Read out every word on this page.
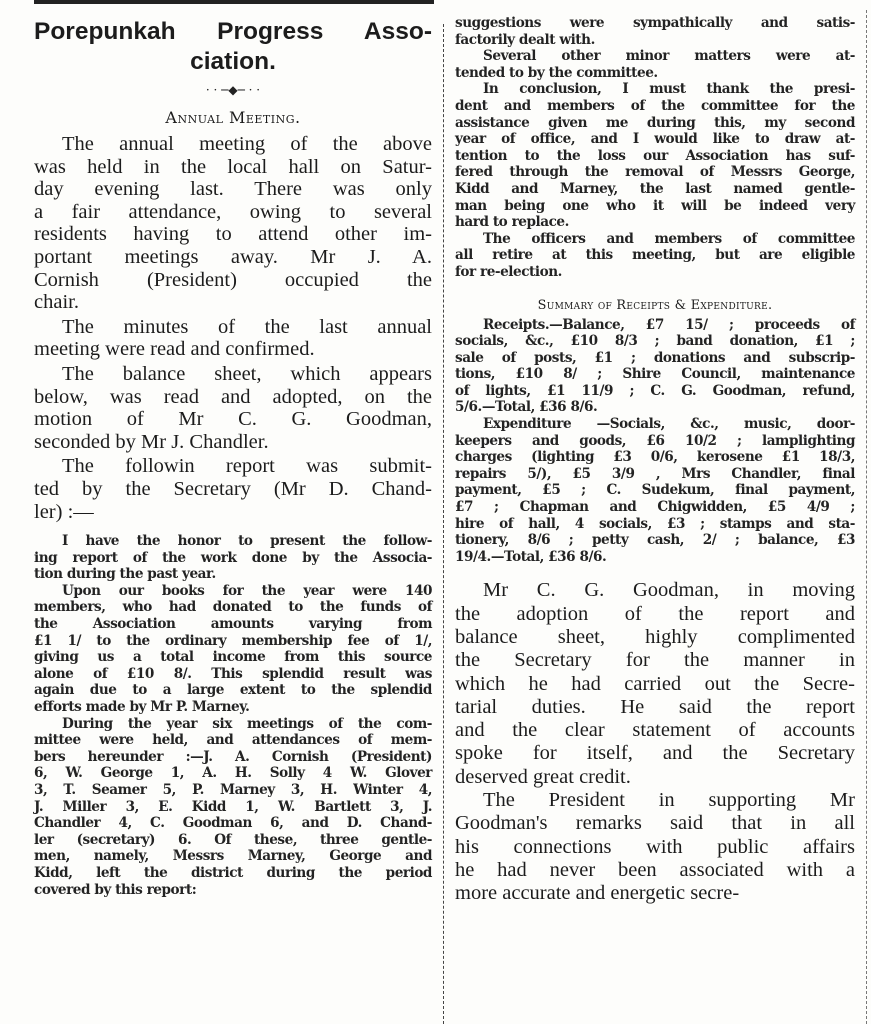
Porepunkah Progress Asso-
ciation.
· · ─◆─ · ·
Annual Meeting.
The annual meeting of the above
was held in the local hall on Satur-
day evening last. There was only
a fair attendance, owing to several
residents having to attend other im-
portant meetings away. Mr J. A.
Cornish (President) occupied the
chair.
The minutes of the last annual
meeting were read and confirmed.
The balance sheet, which appears
below, was read and adopted, on the
motion of Mr C. G. Goodman,
seconded by Mr J. Chandler.
The followin report was submit-
ted by the Secretary (Mr D. Chand-
ler) :—
I have the honor to present the follow-
ing report of the work done by the Associa-
tion during the past year.
Upon our books for the year were 140
members, who had donated to the funds of
the Association amounts varying from
£1 1/ to the ordinary membership fee of 1/,
giving us a total income from this source
alone of £10 8/. This splendid result was
again due to a large extent to the splendid
efforts made by Mr P. Marney.
During the year six meetings of the com-
mittee were held, and attendances of mem-
bers hereunder :—J. A. Cornish (President)
6, W. George 1, A. H. Solly 4 W. Glover
3, T. Seamer 5, P. Marney 3, H. Winter 4,
J. Miller 3, E. Kidd 1, W. Bartlett 3, J.
Chandler 4, C. Goodman 6, and D. Chand-
ler (secretary) 6. Of these, three gentle-
men, namely, Messrs Marney, George and
Kidd, left the district during the period
covered by this report:
suggestions were sympathically and satis-
factorily dealt with.
Several other minor matters were at-
tended to by the committee.
In conclusion, I must thank the presi-
dent and members of the committee for the
assistance given me during this, my second
year of office, and I would like to draw at-
tention to the loss our Association has suf-
fered through the removal of Messrs George,
Kidd and Marney, the last named gentle-
man being one who it will be indeed very
hard to replace.
The officers and members of committee
all retire at this meeting, but are eligible
for re-election.
Summary of Receipts & Expenditure.
Receipts.—Balance, £7 15/ ; proceeds of
socials, &c., £10 8/3 ; band donation, £1 ;
sale of posts, £1 ; donations and subscrip-
tions, £10 8/ ; Shire Council, maintenance
of lights, £1 11/9 ; C. G. Goodman, refund,
5/6.—Total, £36 8/6.
Expenditure —Socials, &c., music, door-
keepers and goods, £6 10/2 ; lamplighting
charges (lighting £3 0/6, kerosene £1 18/3,
repairs 5/), £5 3/9 , Mrs Chandler, final
payment, £5 ; C. Sudekum, final payment,
£7 ; Chapman and Chigwidden, £5 4/9 ;
hire of hall, 4 socials, £3 ; stamps and sta-
tionery, 8/6 ; petty cash, 2/ ; balance, £3
19/4.—Total, £36 8/6.
Mr C. G. Goodman, in moving
the adoption of the report and
balance sheet, highly complimented
the Secretary for the manner in
which he had carried out the Secre-
tarial duties. He said the report
and the clear statement of accounts
spoke for itself, and the Secretary
deserved great credit.
The President in supporting Mr
Goodman's remarks said that in all
his connections with public affairs
he had never been associated with a
more accurate and energetic secre-
